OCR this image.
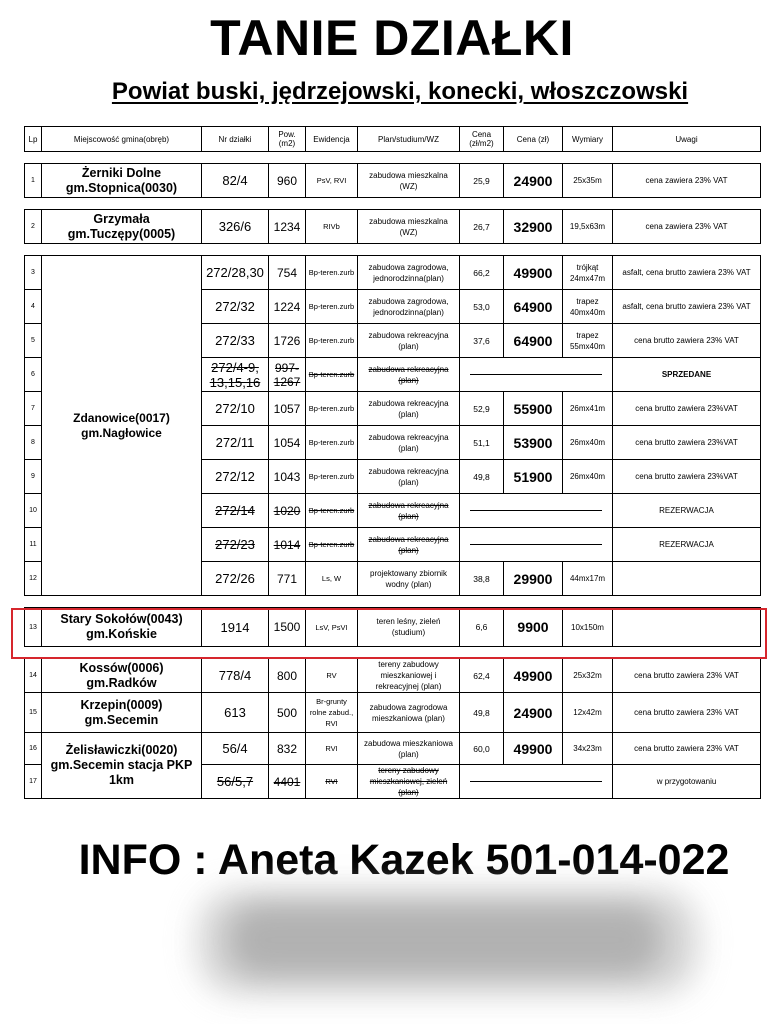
TANIE DZIAŁKI
Powiat buski, jędrzejowski, konecki, włoszczowski
Lp	Miejscowość gmina(obręb)	Nr działki	Pow. (m2)	Ewidencja	Plan/studium/WZ	Cena (zł/m2)	Cena (zł)	Wymiary	Uwagi

1	Żerniki Dolne gm.Stopnica(0030)	82/4	960	PsV, RVI	zabudowa mieszkalna (WZ)	25,9	24900	25x35m	cena zawiera 23% VAT

2	Grzymała gm.Tuczępy(0005)	326/6	1234	RIVb	zabudowa mieszkalna (WZ)	26,7	32900	19,5x63m	cena zawiera 23% VAT

3	Zdanowice(0017) gm.Nagłowice	272/28,30	754	Bp-teren.zurb	zabudowa zagrodowa, jednorodzinna(plan)	66,2	49900	trójkąt 24mx47m	asfalt, cena brutto zawiera 23% VAT
4		272/32	1224	Bp-teren.zurb	zabudowa zagrodowa, jednorodzinna(plan)	53,0	64900	trapez 40mx40m	asfalt, cena brutto zawiera 23% VAT
5		272/33	1726	Bp-teren.zurb	zabudowa rekreacyjna (plan)	37,6	64900	trapez 55mx40m	cena brutto zawiera 23% VAT
6		272/4-9, 13,15,16	997-1267	Bp-teren.zurb	zabudowa rekreacyjna (plan)				SPRZEDANE
7		272/10	1057	Bp-teren.zurb	zabudowa rekreacyjna (plan)	52,9	55900	26mx41m	cena brutto zawiera 23%VAT
8		272/11	1054	Bp-teren.zurb	zabudowa rekreacyjna (plan)	51,1	53900	26mx40m	cena brutto zawiera 23%VAT
9		272/12	1043	Bp-teren.zurb	zabudowa rekreacyjna (plan)	49,8	51900	26mx40m	cena brutto zawiera 23%VAT
10		272/14	1020	Bp-teren.zurb	zabudowa rekreacyjna (plan)				REZERWACJA
11		272/23	1014	Bp-teren.zurb	zabudowa rekreacyjna (plan)				REZERWACJA
12		272/26	771	Ls, W	projektowany zbiornik wodny (plan)	38,8	29900	44mx17m	

13	Stary Sokołów(0043) gm.Końskie	1914	1500	LsV, PsVI	teren leśny, zieleń (studium)	6,6	9900	10x150m	

14	Kossów(0006) gm.Radków	778/4	800	RV	tereny zabudowy mieszkaniowej i rekreacyjnej (plan)	62,4	49900	25x32m	cena brutto zawiera 23% VAT
15	Krzepin(0009) gm.Secemin	613	500	Br-grunty rolne zabud., RVI	zabudowa zagrodowa mieszkaniowa (plan)	49,8	24900	12x42m	cena brutto zawiera 23% VAT
16	Żelisławiczki(0020) gm.Secemin stacja PKP 1km	56/4	832	RVI	zabudowa mieszkaniowa (plan)	60,0	49900	34x23m	cena brutto zawiera 23% VAT
17		56/5,7	4401	RVI	tereny zabudowy mieszkaniowej, zieleń (plan)				w przygotowaniu
INFO : Aneta Kazek 501-014-022
